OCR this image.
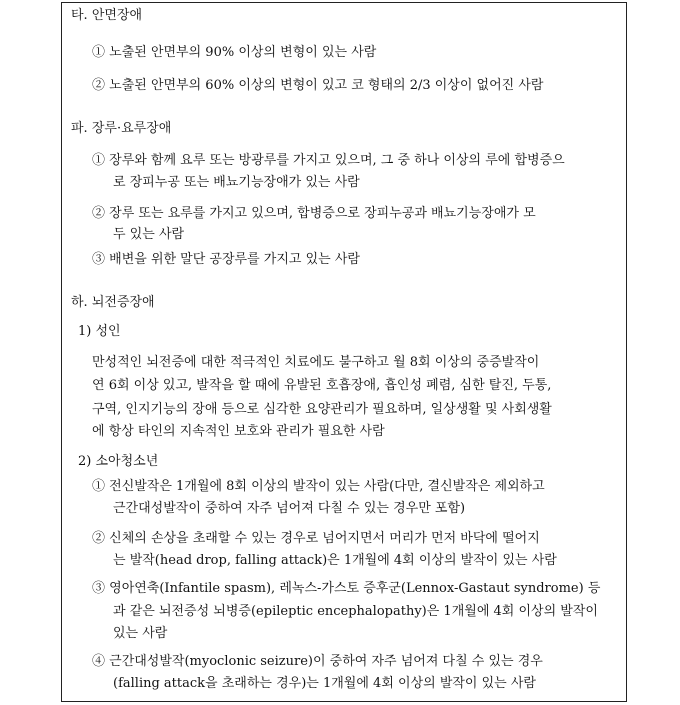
타. 안면장애
① 노출된 안면부의 90% 이상의 변형이 있는 사람
② 노출된 안면부의 60% 이상의 변형이 있고 코 형태의 2/3 이상이 없어진 사람
파. 장루·요루장애
① 장루와 함께 요루 또는 방광루를 가지고 있으며, 그 중 하나 이상의 루에 합병증으
로 장피누공 또는 배뇨기능장애가 있는 사람
② 장루 또는 요루를 가지고 있으며, 합병증으로 장피누공과 배뇨기능장애가 모
두 있는 사람
③ 배변을 위한 말단 공장루를 가지고 있는 사람
하. 뇌전증장애
1) 성인
만성적인 뇌전증에 대한 적극적인 치료에도 불구하고 월 8회 이상의 중증발작이
연 6회 이상 있고, 발작을 할 때에 유발된 호흡장애, 흡인성 폐렴, 심한 탈진, 두통,
구역, 인지기능의 장애 등으로 심각한 요양관리가 필요하며, 일상생활 및 사회생활
에 항상 타인의 지속적인 보호와 관리가 필요한 사람
2) 소아청소년
① 전신발작은 1개월에 8회 이상의 발작이 있는 사람(다만, 결신발작은 제외하고
근간대성발작이 중하여 자주 넘어져 다칠 수 있는 경우만 포함)
② 신체의 손상을 초래할 수 있는 경우로 넘어지면서 머리가 먼저 바닥에 떨어지
는 발작(head drop, falling attack)은 1개월에 4회 이상의 발작이 있는 사람
③ 영아연축(Infantile spasm), 레녹스-가스토 증후군(Lennox-Gastaut syndrome) 등
과 같은 뇌전증성 뇌병증(epileptic encephalopathy)은 1개월에 4회 이상의 발작이
있는 사람
④ 근간대성발작(myoclonic seizure)이 중하여 자주 넘어져 다칠 수 있는 경우
(falling attack을 초래하는 경우)는 1개월에 4회 이상의 발작이 있는 사람
